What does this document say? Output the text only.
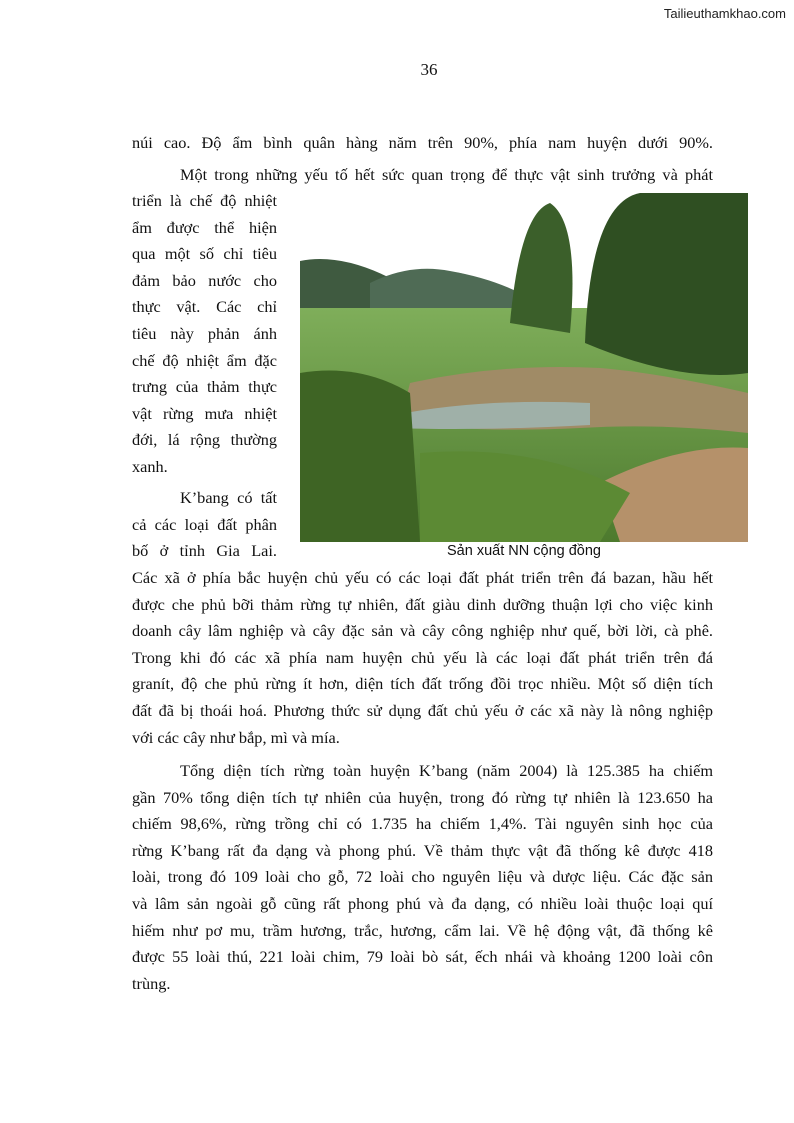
Tailieuthamkhao.com
36
núi cao. Độ ẩm bình quân hàng năm trên 90%, phía nam huyện dưới 90%.
Một trong những yếu tố hết sức quan trọng để thực vật sinh trưởng và phát
triển là chế độ nhiệt
ẩm được thể hiện
qua một số chỉ tiêu
đảm bảo nước cho
thực vật. Các chỉ
tiêu này phản ánh
chế độ nhiệt ẩm đặc
trưng của thảm thực
vật rừng mưa nhiệt
đới, lá rộng thường
xanh.
K’bang có tất
cả các loại đất phân
bố ở tỉnh Gia Lai.
Các xã ở phía bắc huyện chủ yếu có các loại đất phát triển trên đá bazan, hầu hết
được che phủ bỡi thảm rừng tự nhiên, đất giàu dinh dưỡng thuận lợi cho việc kinh
doanh cây lâm nghiệp và cây đặc sản và cây công nghiệp như quế, bời lời, cà phê.
Trong khi đó các xã phía nam huyện chủ yếu là các loại đất phát triển trên đá
granít, độ che phủ rừng ít hơn, diện tích đất trống đồi trọc nhiều. Một số diện tích
đất đã bị thoái hoá. Phương thức sử dụng đất chủ yếu ở các xã này là nông nghiệp
với các cây như bắp, mì và mía.
Tổng diện tích rừng toàn huyện K’bang (năm 2004) là 125.385 ha chiếm
gần 70% tổng diện tích tự nhiên của huyện, trong đó rừng tự nhiên là 123.650 ha
chiếm 98,6%, rừng trồng chỉ có 1.735 ha chiếm 1,4%. Tài nguyên sinh học của
rừng K’bang rất đa dạng và phong phú. Về thảm thực vật đã thống kê được 418
loài, trong đó 109 loài cho gỗ, 72 loài cho nguyên liệu và dược liệu. Các đặc sản
và lâm sản ngoài gỗ cũng rất phong phú và đa dạng, có nhiều loài thuộc loại quí
hiếm như pơ mu, trầm hương, trắc, hương, cẩm lai. Về hệ động vật, đã thống kê
được 55 loài thú, 221 loài chim, 79 loài bò sát, ếch nhái và khoảng 1200 loài côn
trùng.
Sản xuất NN cộng đồng
